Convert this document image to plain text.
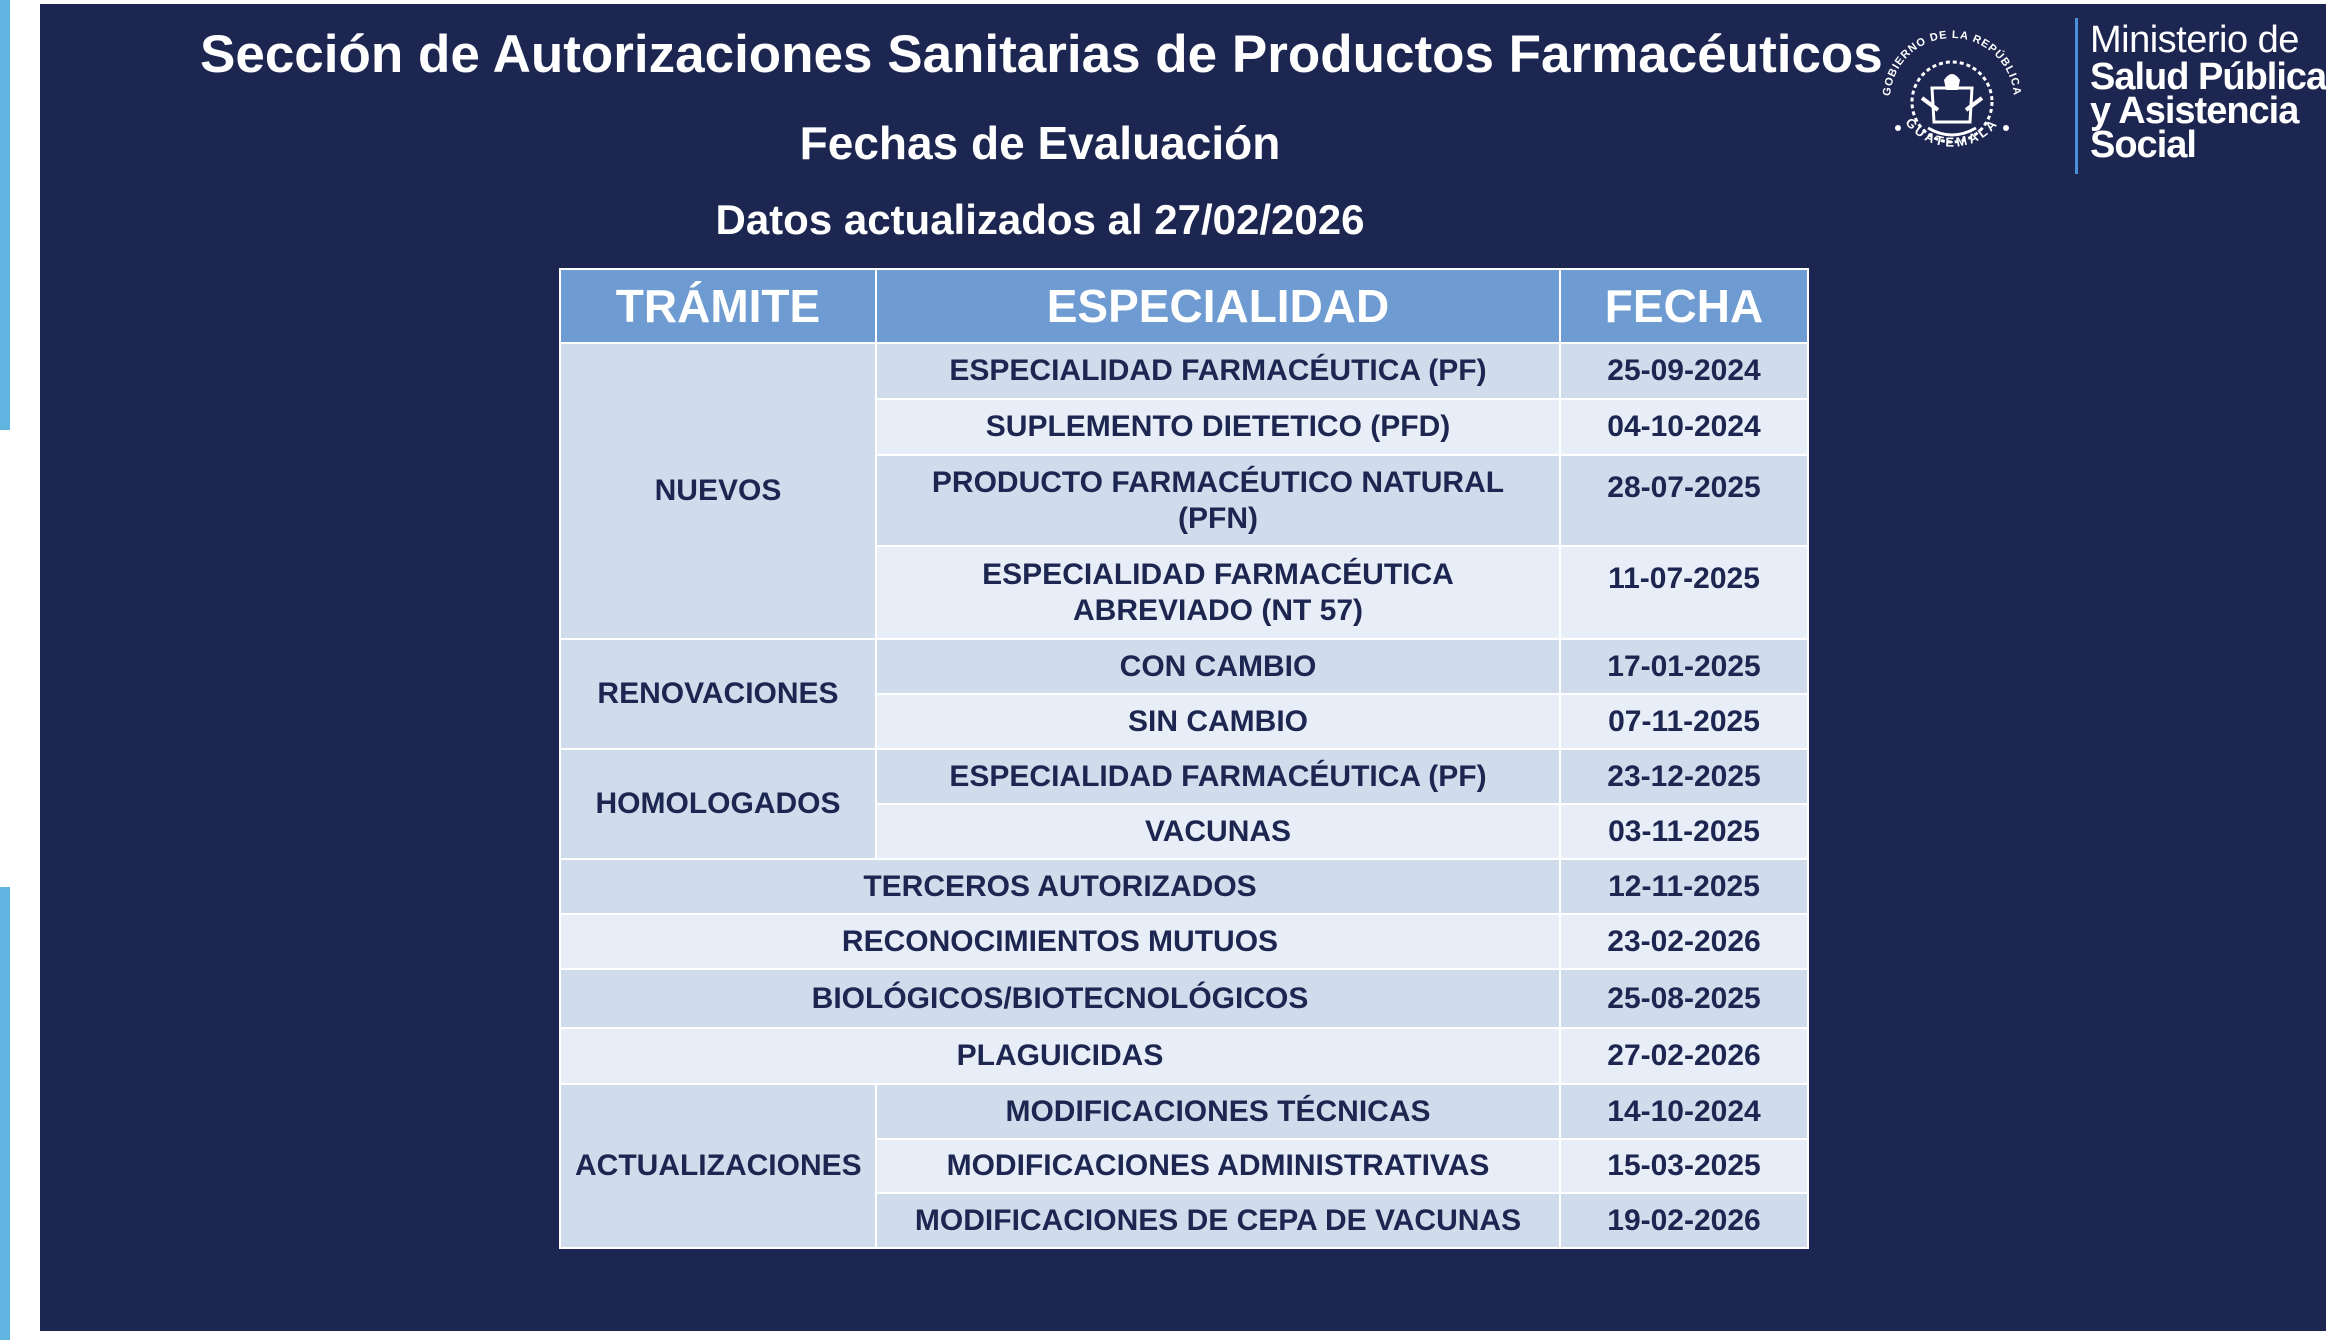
Sección de Autorizaciones Sanitarias de Productos Farmacéuticos
Fechas de Evaluación
Datos actualizados al 27/02/2026
GOBIERNO DE LA REPÚBLICA
GUATEMALA
Ministerio de
Salud Pública
y Asistencia
Social
TRÁMITE	ESPECIALIDAD	FECHA
NUEVOS	ESPECIALIDAD FARMACÉUTICA (PF)	25-09-2024
	SUPLEMENTO DIETETICO (PFD)	04-10-2024
	PRODUCTO FARMACÉUTICO NATURAL (PFN)	28-07-2025
	ESPECIALIDAD FARMACÉUTICA ABREVIADO (NT 57)	11-07-2025
RENOVACIONES	CON CAMBIO	17-01-2025
	SIN CAMBIO	07-11-2025
HOMOLOGADOS	ESPECIALIDAD FARMACÉUTICA (PF)	23-12-2025
	VACUNAS	03-11-2025
TERCEROS AUTORIZADOS		12-11-2025
RECONOCIMIENTOS MUTUOS		23-02-2026
BIOLÓGICOS/BIOTECNOLÓGICOS		25-08-2025
PLAGUICIDAS		27-02-2026
ACTUALIZACIONES	MODIFICACIONES TÉCNICAS	14-10-2024
	MODIFICACIONES ADMINISTRATIVAS	15-03-2025
	MODIFICACIONES DE CEPA DE VACUNAS	19-02-2026
